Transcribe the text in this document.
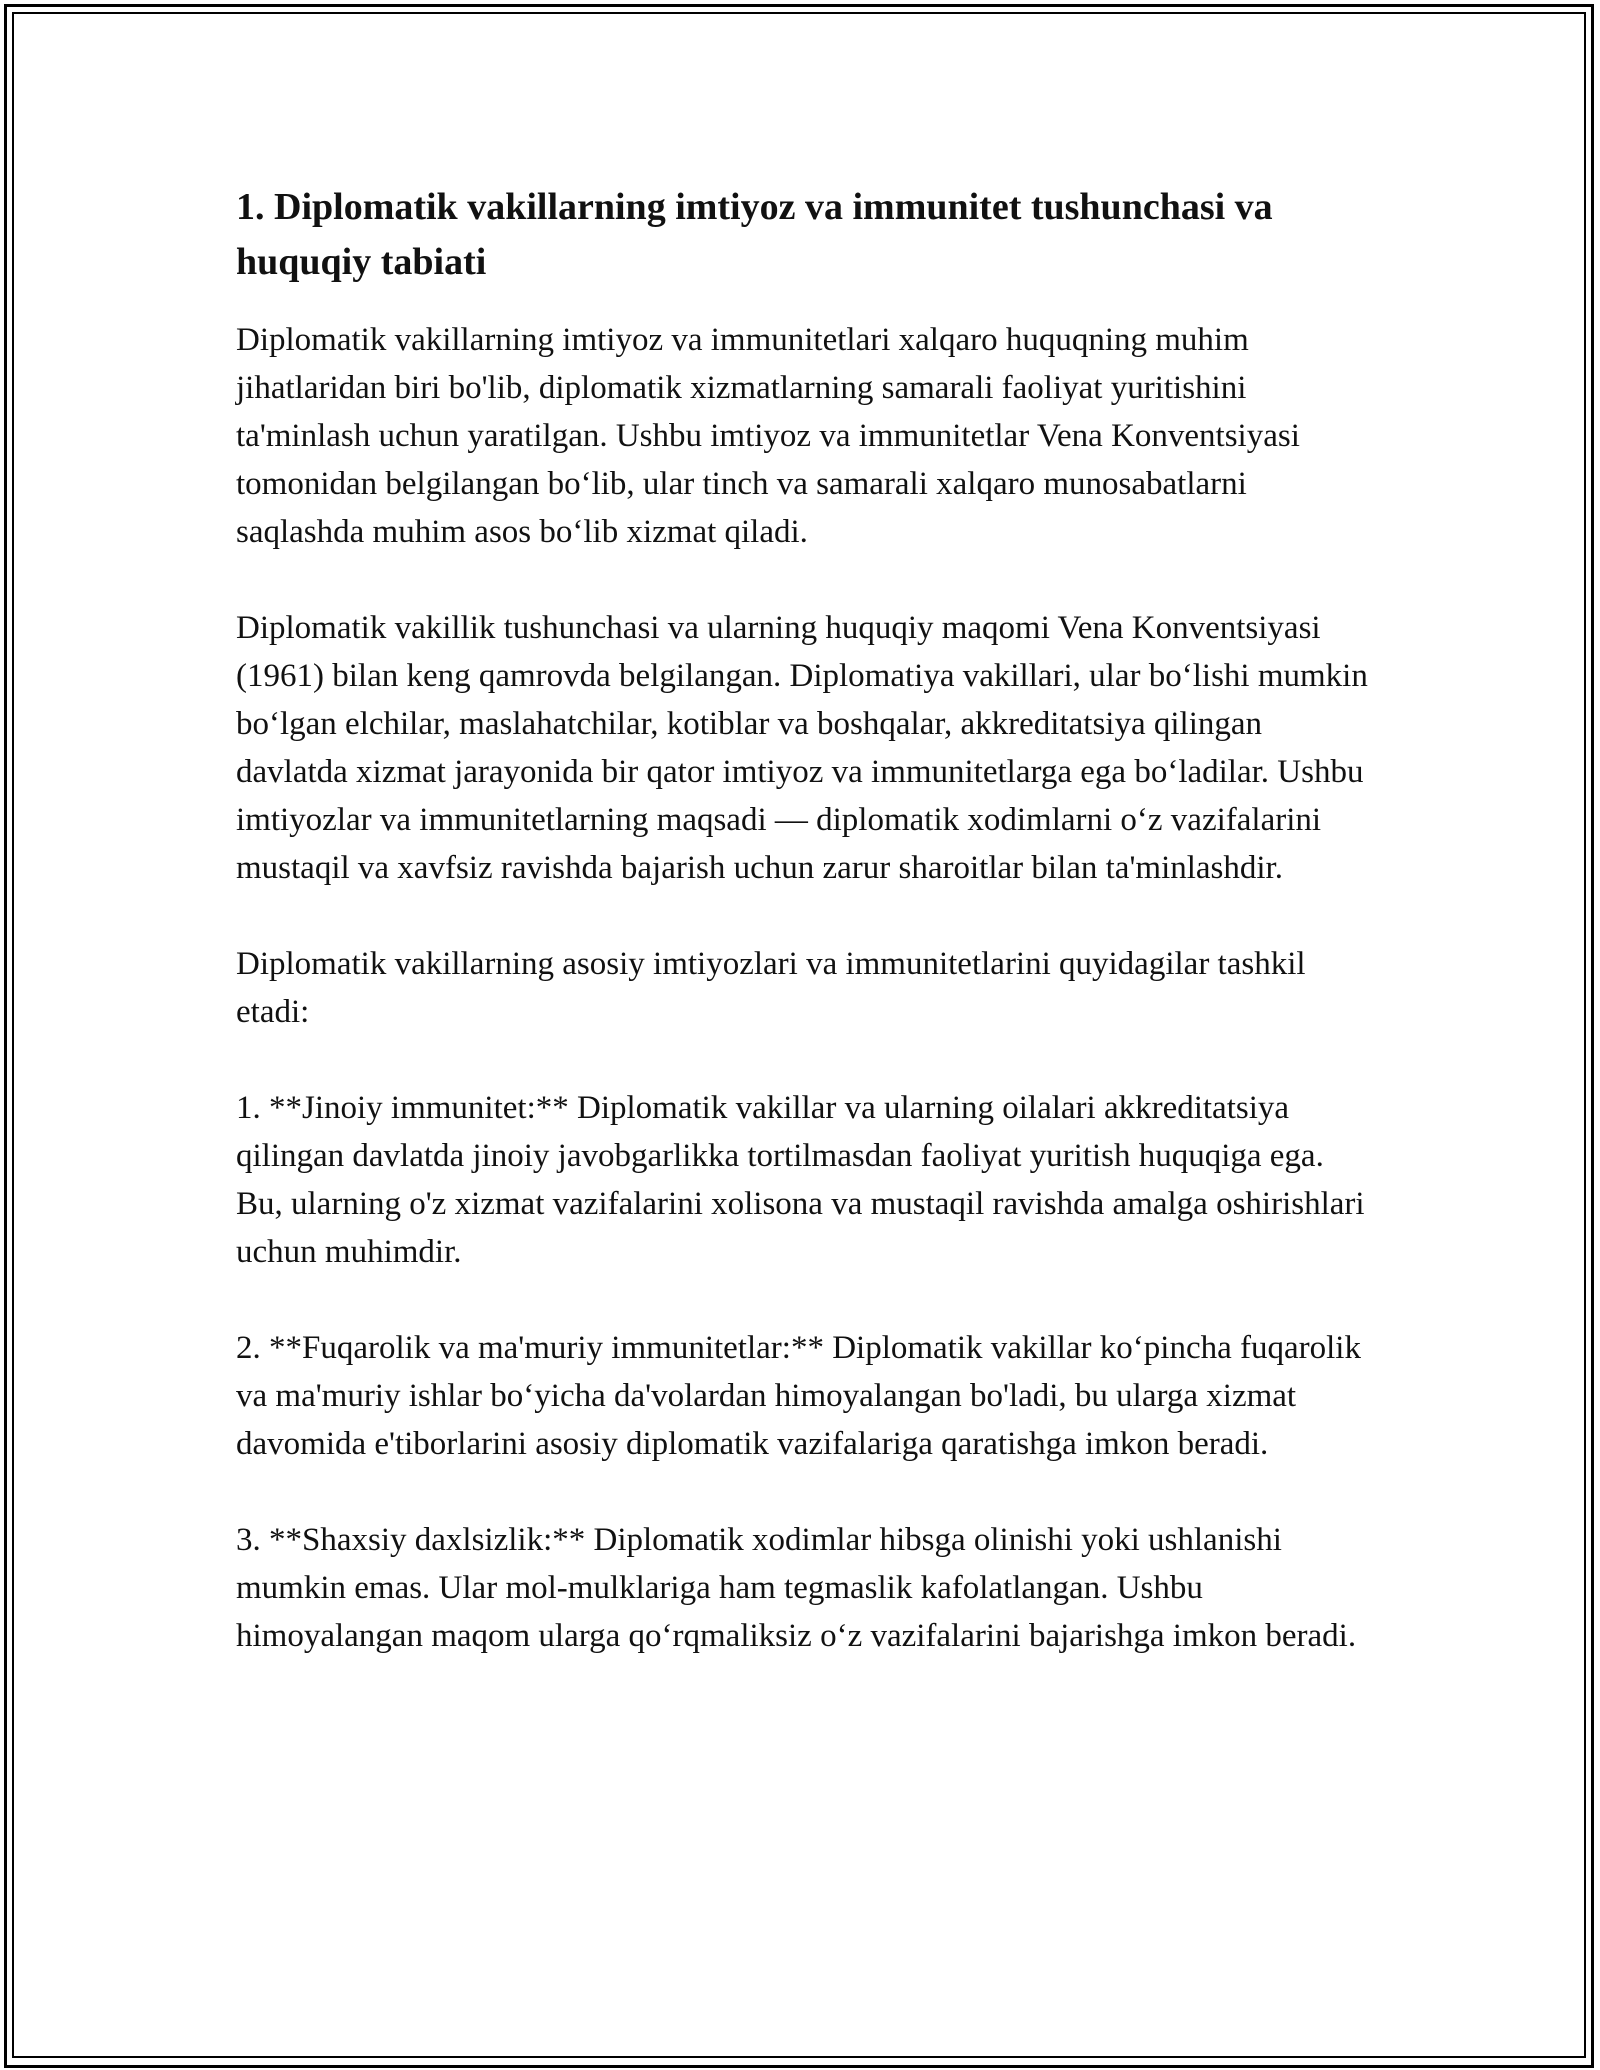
1. Diplomatik vakillarning imtiyoz va immunitet tushunchasi va huquqiy tabiati

Diplomatik vakillarning imtiyoz va immunitetlari xalqaro huquqning muhim jihatlaridan biri bo'lib, diplomatik xizmatlarning samarali faoliyat yuritishini ta'minlash uchun yaratilgan. Ushbu imtiyoz va immunitetlar Vena Konventsiyasi tomonidan belgilangan bo‘lib, ular tinch va samarali xalqaro munosabatlarni saqlashda muhim asos bo‘lib xizmat qiladi.

Diplomatik vakillik tushunchasi va ularning huquqiy maqomi Vena Konventsiyasi (1961) bilan keng qamrovda belgilangan. Diplomatiya vakillari, ular bo‘lishi mumkin bo‘lgan elchilar, maslahatchilar, kotiblar va boshqalar, akkreditatsiya qilingan davlatda xizmat jarayonida bir qator imtiyoz va immunitetlarga ega bo‘ladilar. Ushbu imtiyozlar va immunitetlarning maqsadi — diplomatik xodimlarni o‘z vazifalarini mustaqil va xavfsiz ravishda bajarish uchun zarur sharoitlar bilan ta'minlashdir.

Diplomatik vakillarning asosiy imtiyozlari va immunitetlarini quyidagilar tashkil etadi:

1. **Jinoiy immunitet:** Diplomatik vakillar va ularning oilalari akkreditatsiya qilingan davlatda jinoiy javobgarlikka tortilmasdan faoliyat yuritish huquqiga ega. Bu, ularning o'z xizmat vazifalarini xolisona va mustaqil ravishda amalga oshirishlari uchun muhimdir.

2. **Fuqarolik va ma'muriy immunitetlar:** Diplomatik vakillar ko‘pincha fuqarolik va ma'muriy ishlar bo‘yicha da'volardan himoyalangan bo'ladi, bu ularga xizmat davomida e'tiborlarini asosiy diplomatik vazifalariga qaratishga imkon beradi.

3. **Shaxsiy daxlsizlik:** Diplomatik xodimlar hibsga olinishi yoki ushlanishi mumkin emas. Ular mol-mulklariga ham tegmaslik kafolatlangan. Ushbu himoyalangan maqom ularga qo‘rqmaliksiz o‘z vazifalarini bajarishga imkon beradi.
